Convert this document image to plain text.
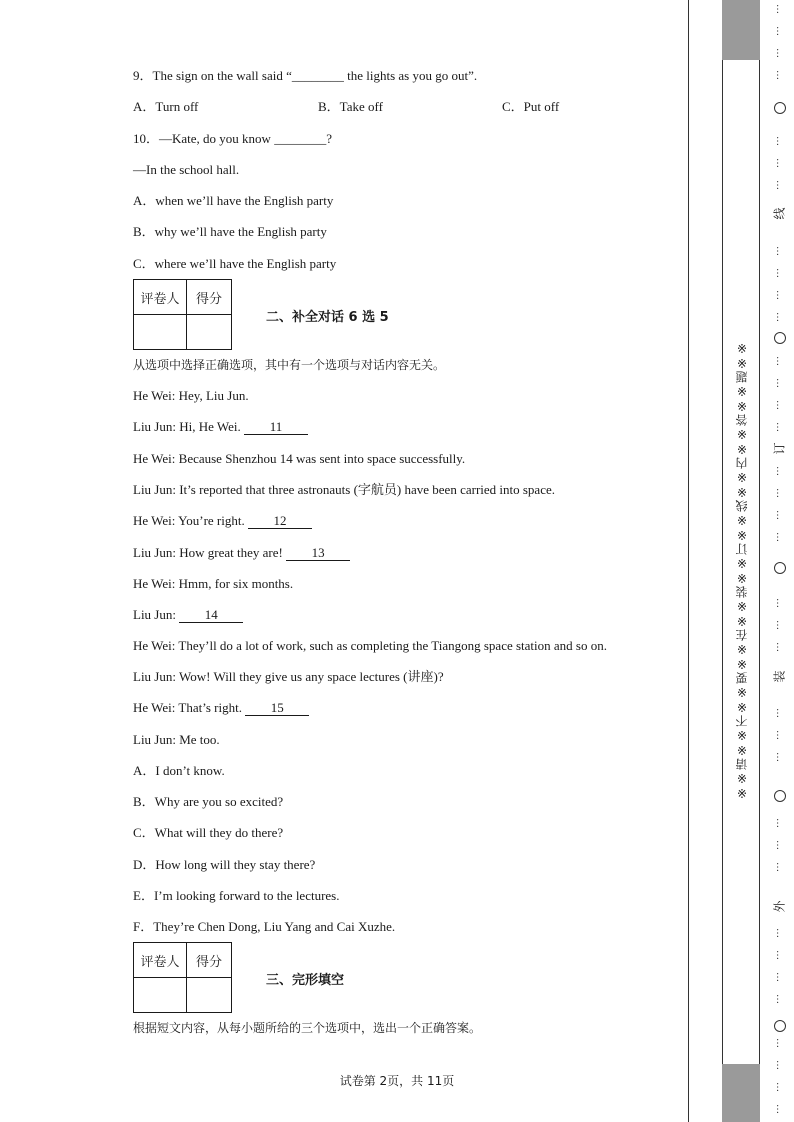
9．The sign on the wall said “________ the lights as you go out”.
A．Turn off	B．Take off	C．Put off
10．—Kate, do you know ________?
—In the school hall.
A．when we’ll have the English party
B．why we’ll have the English party
C．where we’ll have the English party
评卷人	得分

二、补全对话 6 选 5
从选项中选择正确选项，其中有一个选项与对话内容无关。
He Wei: Hey, Liu Jun.
Liu Jun: Hi, He Wei. 11
He Wei: Because Shenzhou 14 was sent into space successfully.
Liu Jun: It’s reported that three astronauts (字航员) have been carried into space.
He Wei: You’re right. 12
Liu Jun: How great they are! 13
He Wei: Hmm, for six months.
Liu Jun: 14
He Wei: They’ll do a lot of work, such as completing the Tiangong space station and so on.
Liu Jun: Wow! Will they give us any space lectures (讲座)?
He Wei: That’s right. 15
Liu Jun: Me too.
A．I don’t know.
B．Why are you so excited?
C．What will they do there?
D．How long will they stay there?
E．I’m looking forward to the lectures.
F．They’re Chen Dong, Liu Yang and Cai Xuzhe.
评卷人	得分

三、完形填空
根据短文内容，从每小题所给的三个选项中，选出一个正确答案。
试卷第 2页，共 11页
※※请※※不※※要※※在※※装※※订※※线※※内※※答※※题※※
线
订
装
外
…
…
…
…
…
…
…
…
…
…
…
…
…
…
…
…
…
…
…
…
…
…
…
…
…
…
…
…
…
…
…
…
…
…
…
…
